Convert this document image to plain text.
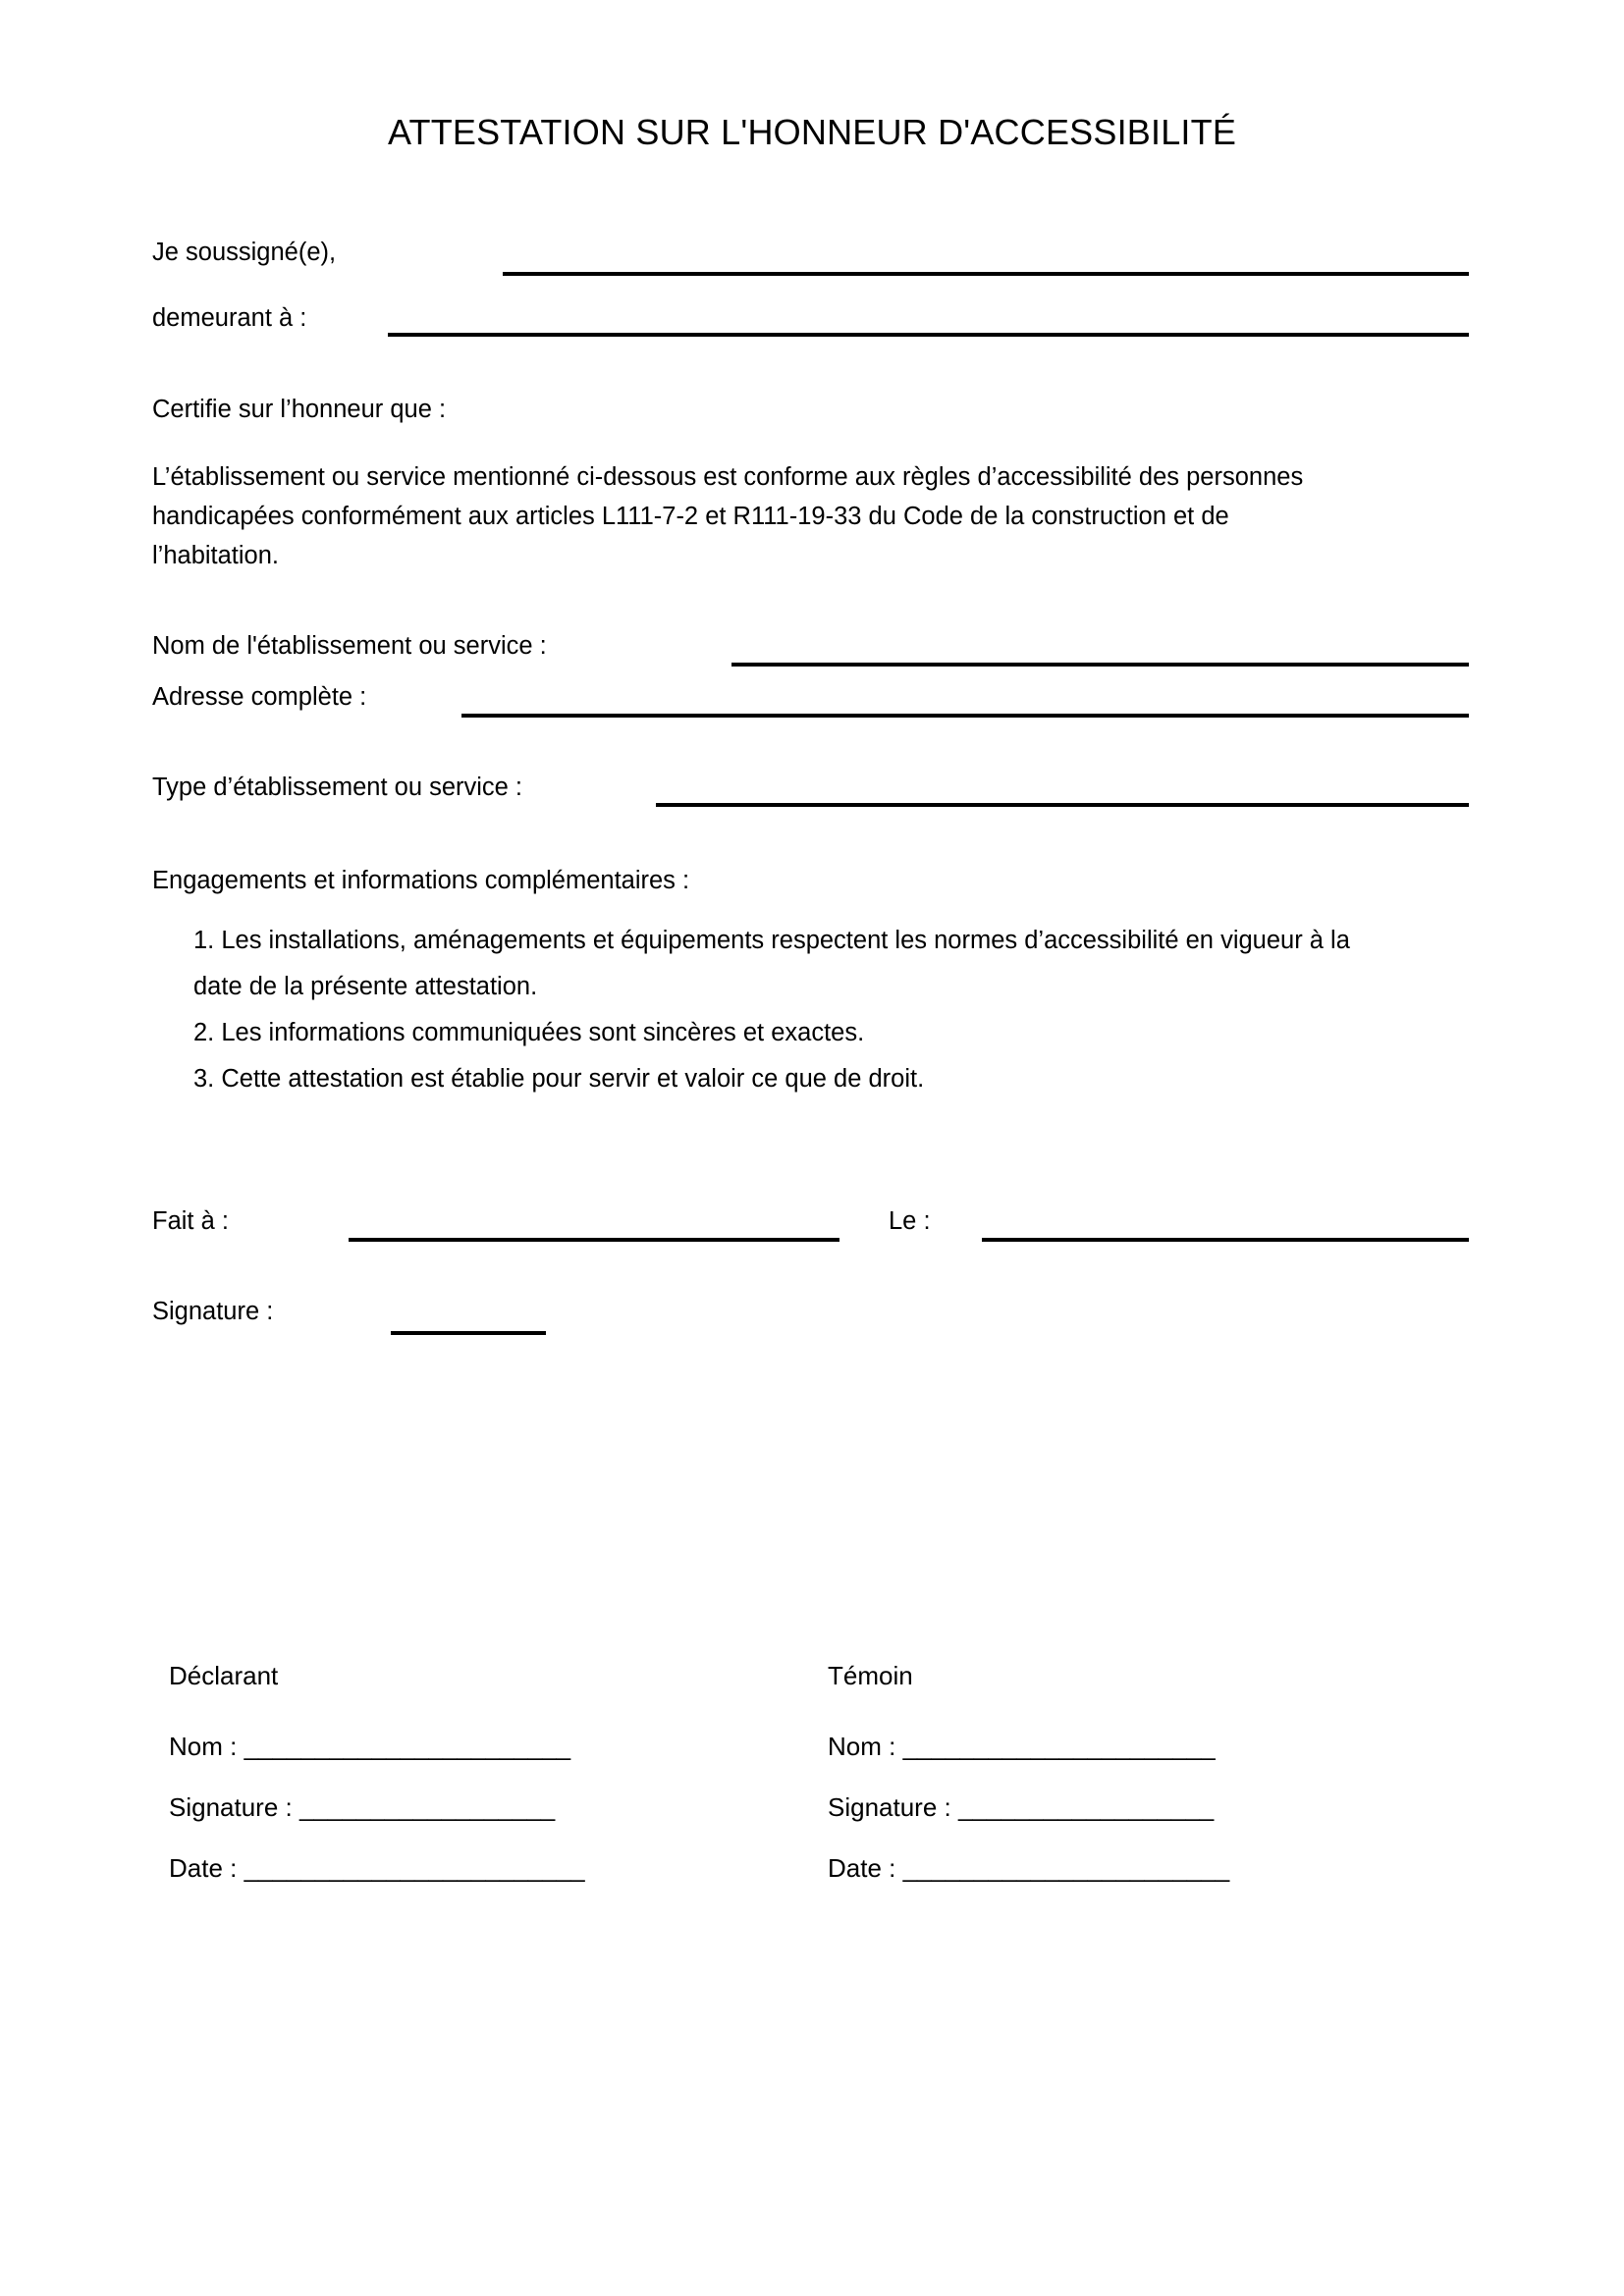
ATTESTATION SUR L'HONNEUR D'ACCESSIBILITÉ
Je soussigné(e),
demeurant à :
Certifie sur l’honneur que :
L’établissement ou service mentionné ci-dessous est conforme aux règles d’accessibilité des personnes
handicapées conformément aux articles L111-7-2 et R111-19-33 du Code de la construction et de
l’habitation.
Nom de l'établissement ou service :
Adresse complète :
Type d’établissement ou service :
Engagements et informations complémentaires :
1. Les installations, aménagements et équipements respectent les normes d’accessibilité en vigueur à la
date de la présente attestation.
2. Les informations communiquées sont sincères et exactes.
3. Cette attestation est établie pour servir et valoir ce que de droit.
Fait à :	Le :
Signature :
Déclarant
Nom : _______________________
Signature : __________________
Date : ________________________
Témoin
Nom : ______________________
Signature : __________________
Date : _______________________
